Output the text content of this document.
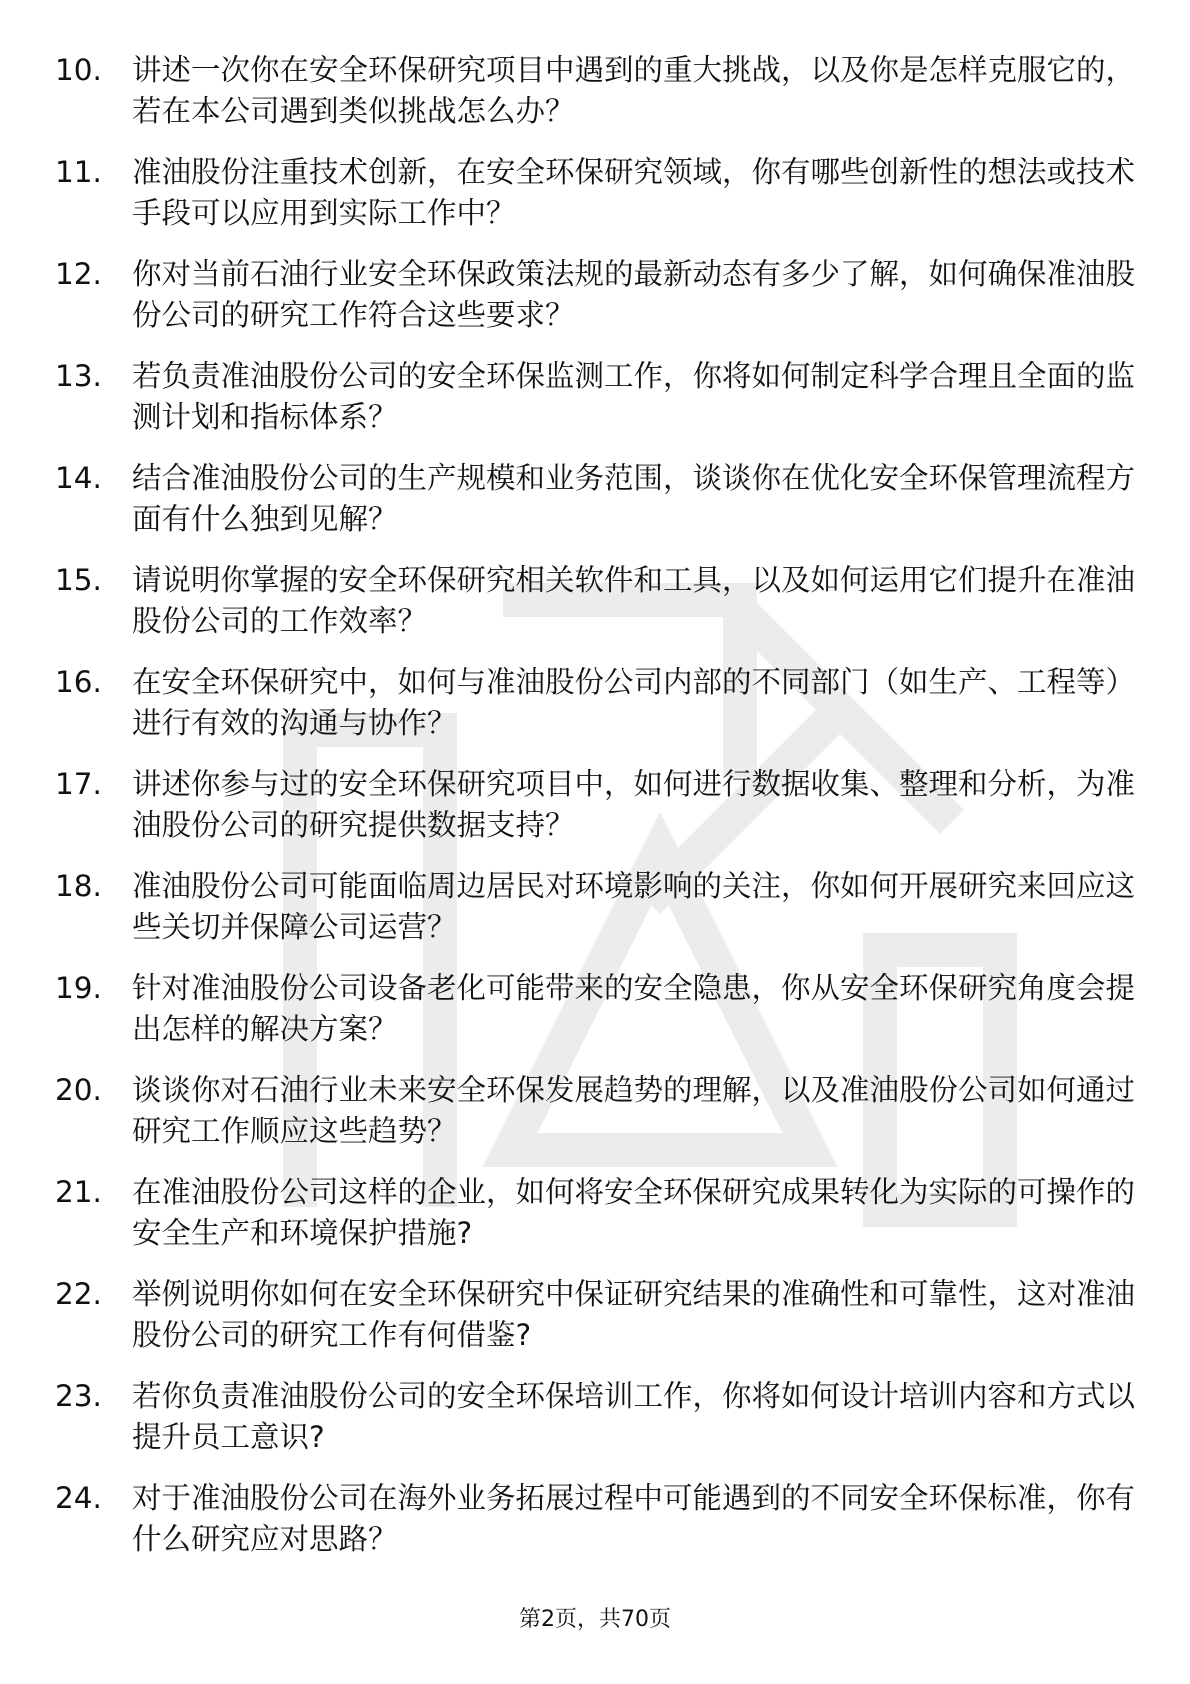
10.	讲述一次你在安全环保研究项目中遇到的重大挑战，以及你是怎样克服它的，若在本公司遇到类似挑战怎么办？
11.	准油股份注重技术创新，在安全环保研究领域，你有哪些创新性的想法或技术手段可以应用到实际工作中？
12.	你对当前石油行业安全环保政策法规的最新动态有多少了解，如何确保准油股份公司的研究工作符合这些要求？
13.	若负责准油股份公司的安全环保监测工作，你将如何制定科学合理且全面的监测计划和指标体系？
14.	结合准油股份公司的生产规模和业务范围，谈谈你在优化安全环保管理流程方面有什么独到见解？
15.	请说明你掌握的安全环保研究相关软件和工具，以及如何运用它们提升在准油股份公司的工作效率？
16.	在安全环保研究中，如何与准油股份公司内部的不同部门（如生产、工程等）进行有效的沟通与协作？
17.	讲述你参与过的安全环保研究项目中，如何进行数据收集、整理和分析，为准油股份公司的研究提供数据支持？
18.	准油股份公司可能面临周边居民对环境影响的关注，你如何开展研究来回应这些关切并保障公司运营？
19.	针对准油股份公司设备老化可能带来的安全隐患，你从安全环保研究角度会提出怎样的解决方案？
20.	谈谈你对石油行业未来安全环保发展趋势的理解，以及准油股份公司如何通过研究工作顺应这些趋势？
21.	在准油股份公司这样的企业，如何将安全环保研究成果转化为实际的可操作的安全生产和环境保护措施?
22.	举例说明你如何在安全环保研究中保证研究结果的准确性和可靠性，这对准油股份公司的研究工作有何借鉴?
23.	若你负责准油股份公司的安全环保培训工作，你将如何设计培训内容和方式以提升员工意识?
24.	对于准油股份公司在海外业务拓展过程中可能遇到的不同安全环保标准，你有什么研究应对思路？
第2页，共70页
